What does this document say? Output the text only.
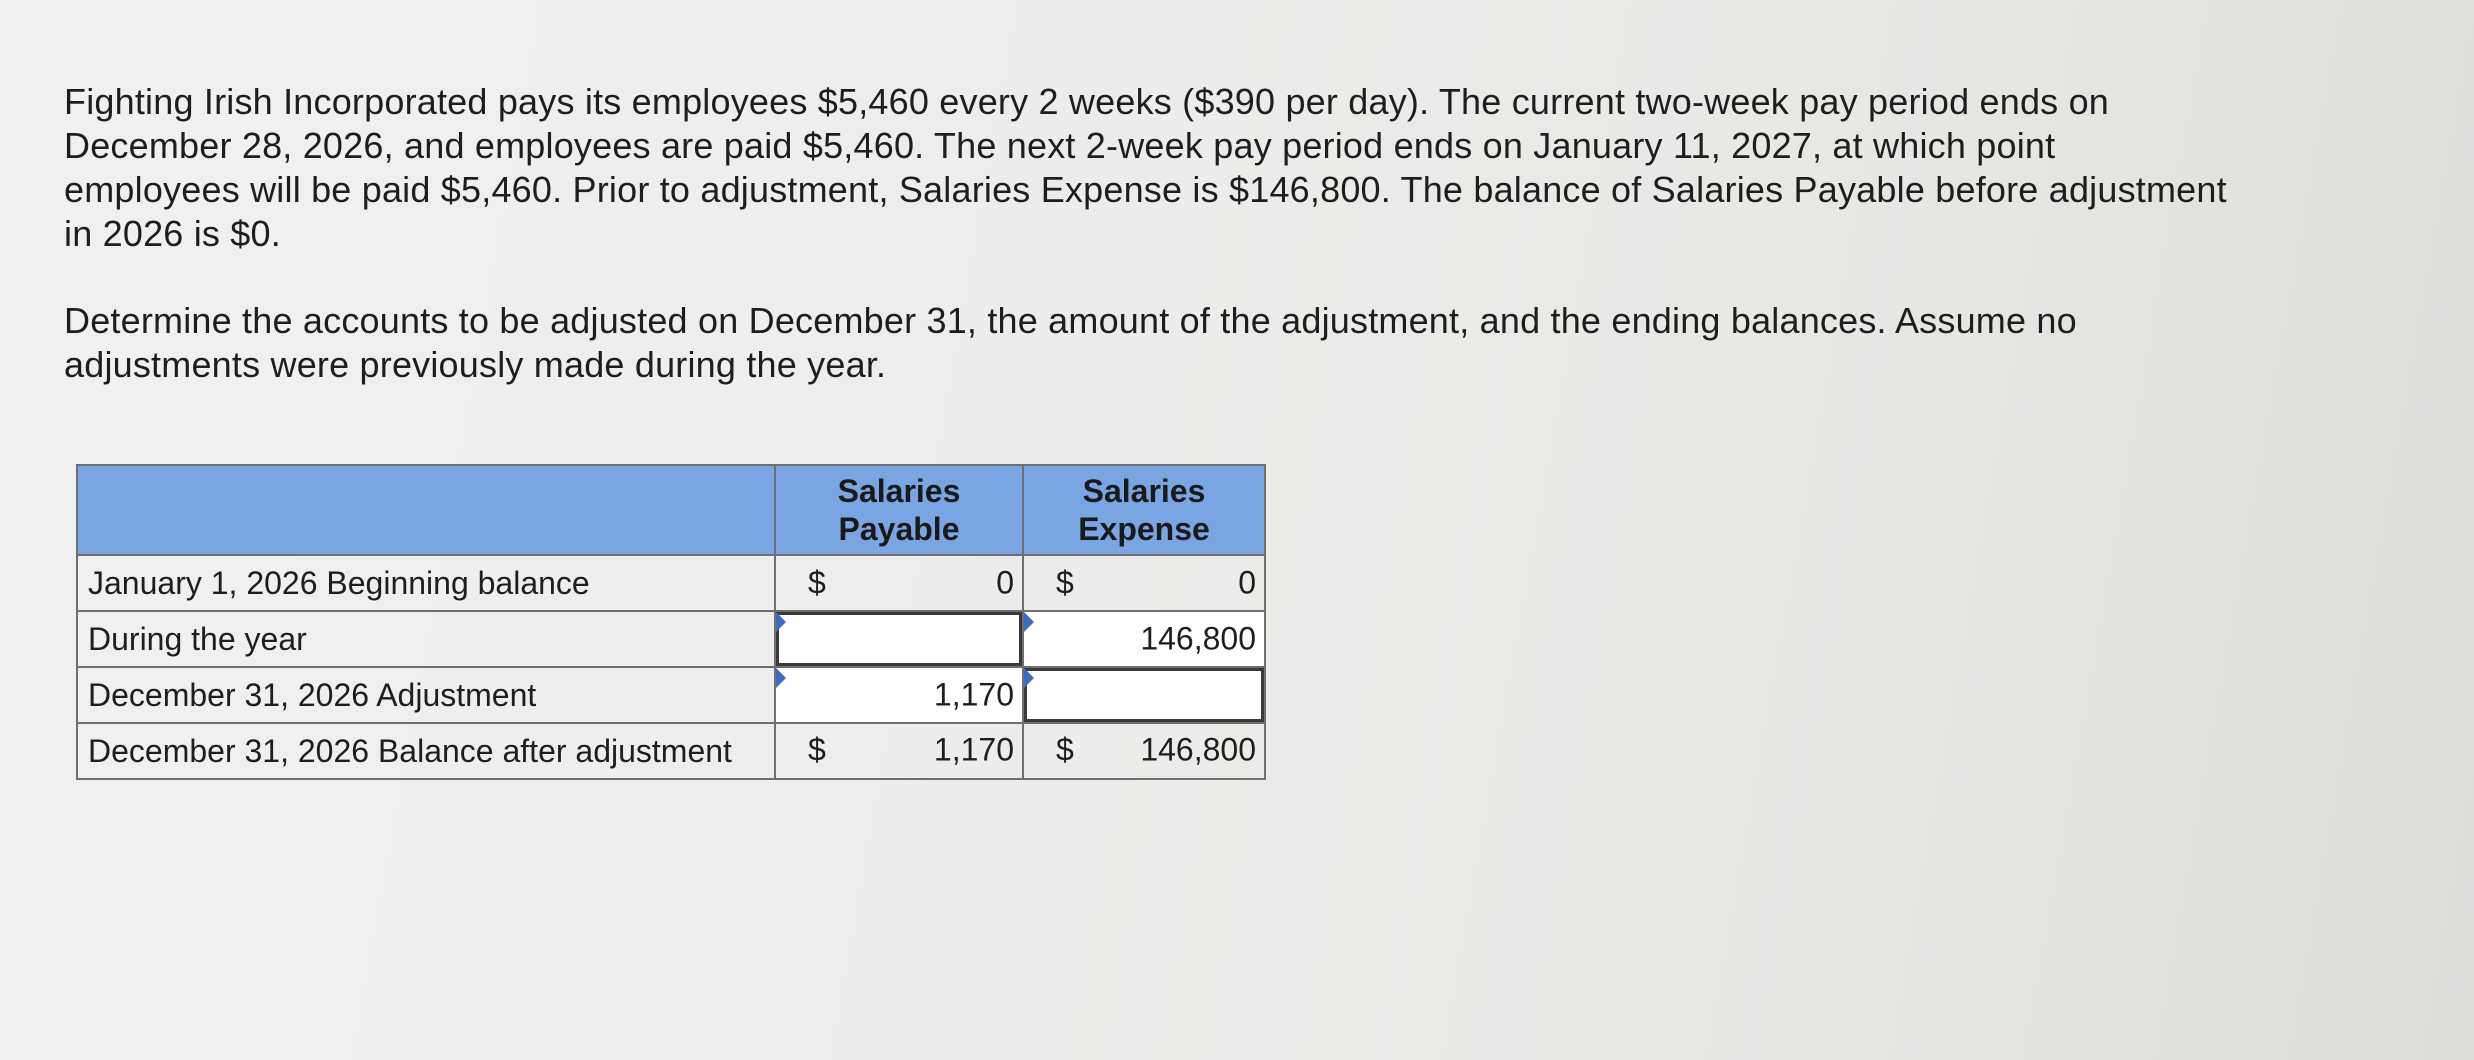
Fighting Irish Incorporated pays its employees $5,460 every 2 weeks ($390 per day). The current two-week pay period ends on
December 28, 2026, and employees are paid $5,460. The next 2-week pay period ends on January 11, 2027, at which point
employees will be paid $5,460. Prior to adjustment, Salaries Expense is $146,800. The balance of Salaries Payable before adjustment
in 2026 is $0.

Determine the accounts to be adjusted on December 31, the amount of the adjustment, and the ending balances. Assume no
adjustments were previously made during the year.

	Salaries
Payable	Salaries
Expense
January 1, 2026 Beginning balance	$ 0	$ 0

During the year		146,800

December 31, 2026 Adjustment	1,170	

December 31, 2026 Balance after adjustment	$ 1,170	$ 146,800
